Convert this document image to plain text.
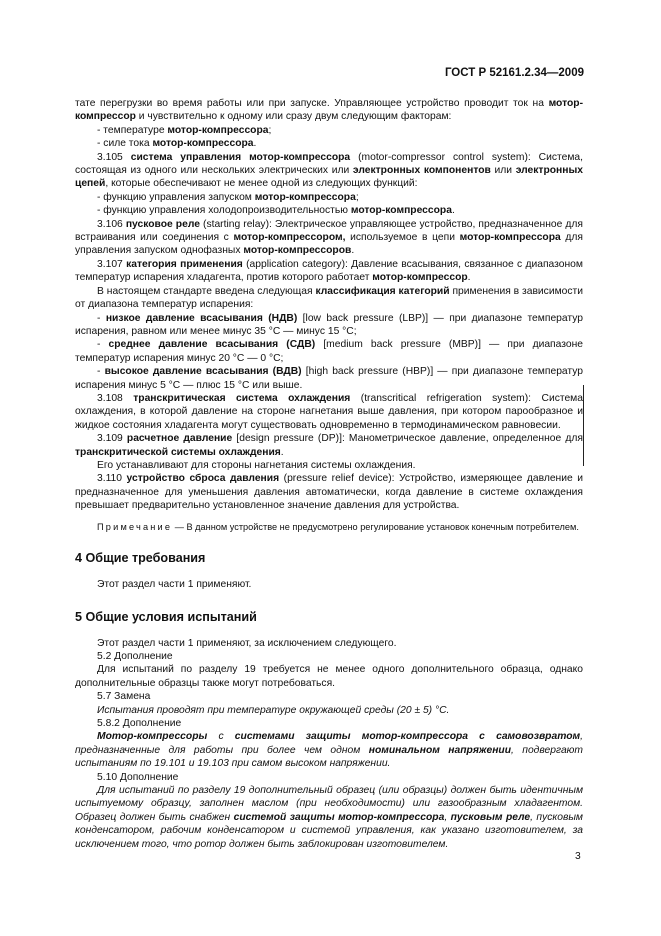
ГОСТ Р 52161.2.34—2009

тате перегрузки во время работы или при запуске. Управляющее устройство проводит ток на мотор-компрессор и чувствительно к одному или сразу двум следующим факторам:

- температуре мотор-компрессора;

- силе тока мотор-компрессора.

3.105 система управления мотор-компрессора (motor-compressor control system): Система, состоящая из одного или нескольких электрических или электронных компонентов или электронных цепей, которые обеспечивают не менее одной из следующих функций:

- функцию управления запуском мотор-компрессора;

- функцию управления холодопроизводительностью мотор-компрессора.

3.106 пусковое реле (starting relay): Электрическое управляющее устройство, предназначенное для встраивания или соединения с мотор-компрессором, используемое в цепи мотор-компрессора для управления запуском однофазных мотор-компрессоров.

3.107 категория применения (application category): Давление всасывания, связанное с диапазоном температур испарения хладагента, против которого работает мотор-компрессор.

В настоящем стандарте введена следующая классификация категорий применения в зависимости от диапазона температур испарения:

- низкое давление всасывания (НДВ) [low back pressure (LBP)] — при диапазоне температур испарения, равном или менее минус 35 °С — минус 15 °С;

- среднее давление всасывания (СДВ) [medium back pressure (MBP)] — при диапазоне температур испарения минус 20 °С — 0 °С;

- высокое давление всасывания (ВДВ) [high back pressure (HBP)] — при диапазоне температур испарения минус 5 °С — плюс 15 °С или выше.

3.108 транскритическая система охлаждения (transcritical refrigeration system): Система охлаждения, в которой давление на стороне нагнетания выше давления, при котором парообразное и жидкое состояния хладагента могут существовать одновременно в термодинамическом равновесии.

3.109 расчетное давление [design pressure (DP)]: Манометрическое давление, определенное для транскритической системы охлаждения.

Его устанавливают для стороны нагнетания системы охлаждения.

3.110 устройство сброса давления (pressure relief device): Устройство, измеряющее давление и предназначенное для уменьшения давления автоматически, когда давление в системе охлаждения превышает предварительно установленное значение давления для устройства.

Примечание — В данном устройстве не предусмотрено регулирование установок конечным потребителем.

4 Общие требования

Этот раздел части 1 применяют.

5 Общие условия испытаний

Этот раздел части 1 применяют, за исключением следующего.

5.2 Дополнение

Для испытаний по разделу 19 требуется не менее одного дополнительного образца, однако дополнительные образцы также могут потребоваться.

5.7 Замена

Испытания проводят при температуре окружающей среды (20 ± 5) °С.

5.8.2 Дополнение

Мотор-компрессоры с системами защиты мотор-компрессора с самовозвратом, предназначенные для работы при более чем одном номинальном напряжении, подвергают испытаниям по 19.101 и 19.103 при самом высоком напряжении.

5.10 Дополнение

Для испытаний по разделу 19 дополнительный образец (или образцы) должен быть идентичным испытуемому образцу, заполнен маслом (при необходимости) или газообразным хладагентом. Образец должен быть снабжен системой защиты мотор-компрессора, пусковым реле, пусковым конденсатором, рабочим конденсатором и системой управления, как указано изготовителем, за исключением того, что ротор должен быть заблокирован изготовителем.

3
